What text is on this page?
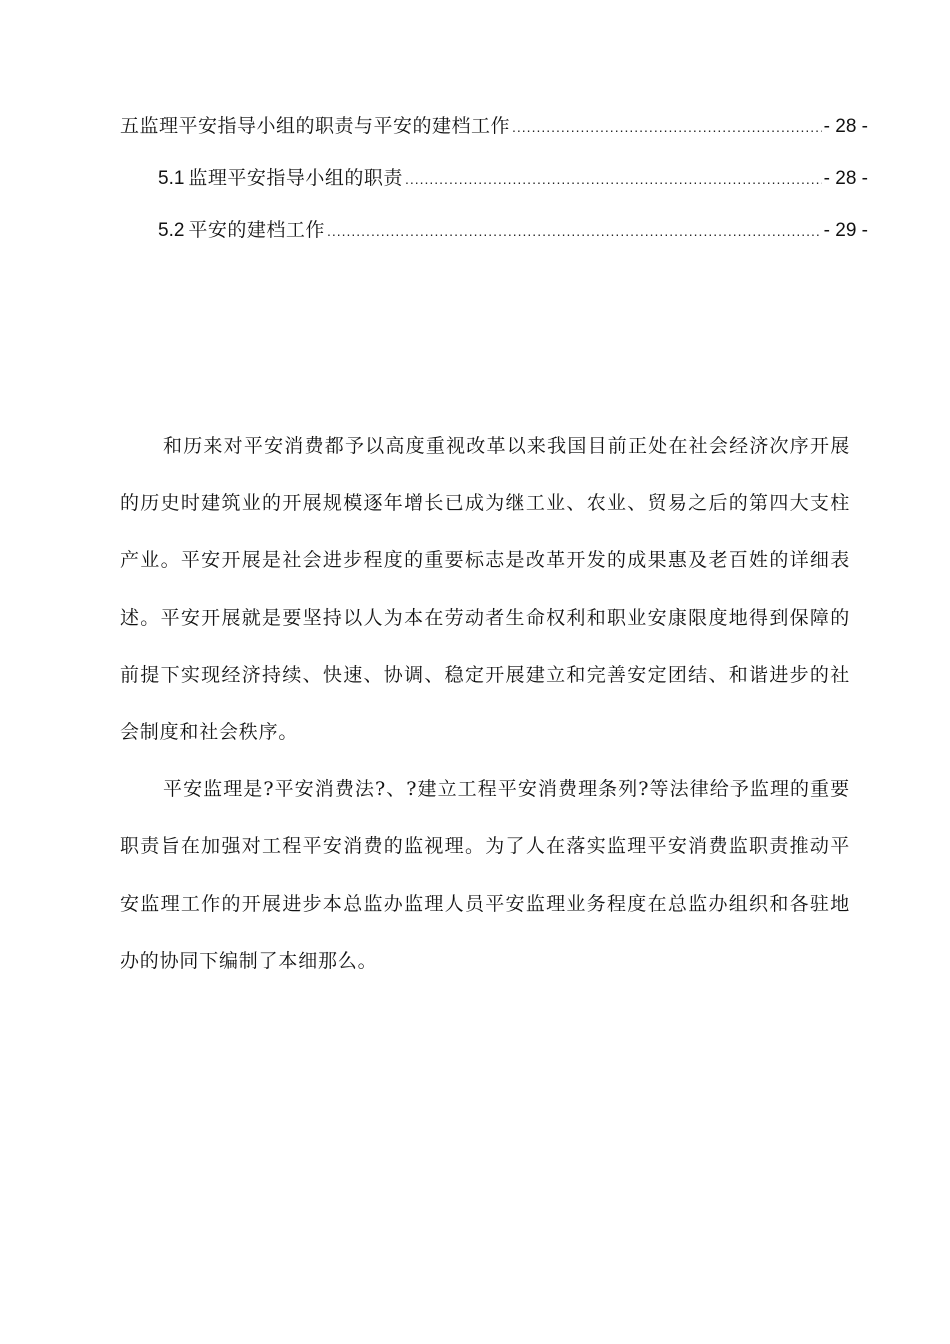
五监理平安指导小组的职责与平安的建档工作 .....	- 28 -
5.1 监理平安指导小组的职责 .....	- 28 -
5.2 平安的建档工作 .....	- 29 -

和历来对平安消费都予以高度重视改革以来我国目前正处在社会经济次序开展的历史时建筑业的开展规模逐年增长已成为继工业、农业、贸易之后的第四大支柱产业。平安开展是社会进步程度的重要标志是改革开发的成果惠及老百姓的详细表述。平安开展就是要坚持以人为本在劳动者生命权利和职业安康限度地得到保障的前提下实现经济持续、快速、协调、稳定开展建立和完善安定团结、和谐进步的社会制度和社会秩序。

平安监理是?平安消费法?、?建立工程平安消费理条列?等法律给予监理的重要职责旨在加强对工程平安消费的监视理。为了人在落实监理平安消费监职责推动平安监理工作的开展进步本总监办监理人员平安监理业务程度在总监办组织和各驻地办的协同下编制了本细那么。
